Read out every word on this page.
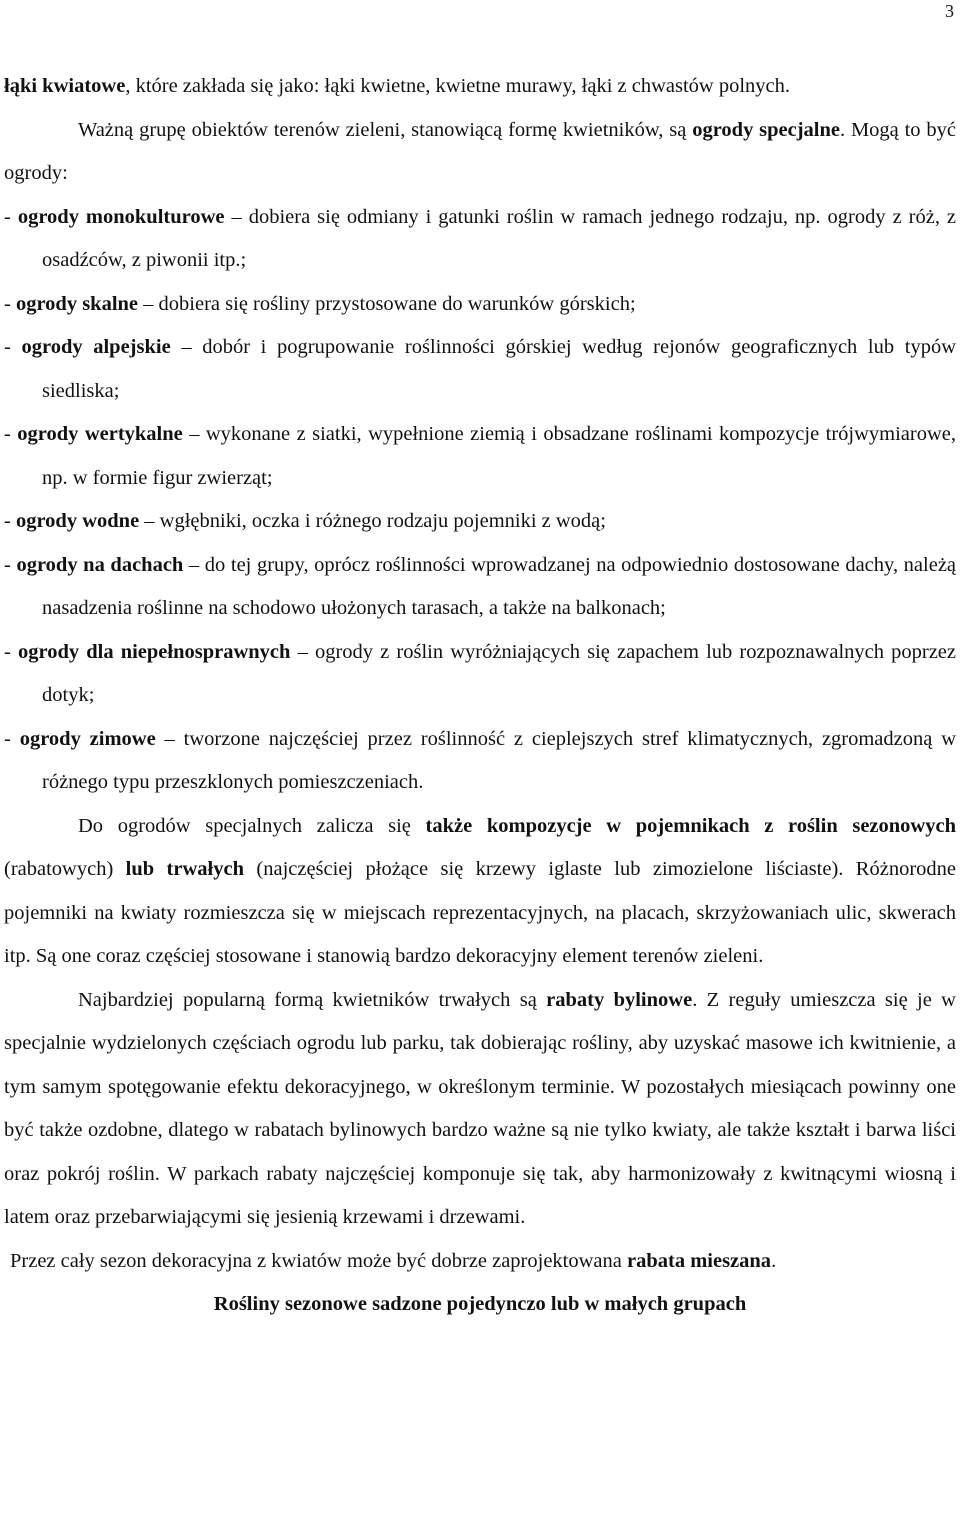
3

łąki kwiatowe, które zakłada się jako: łąki kwietne, kwietne murawy, łąki z chwastów polnych.

Ważną grupę obiektów terenów zieleni, stanowiącą formę kwietników, są ogrody specjalne. Mogą to być ogrody:

- ogrody monokulturowe – dobiera się odmiany i gatunki roślin w ramach jednego rodzaju, np. ogrody z róż, z osadźców, z piwonii itp.;

- ogrody skalne – dobiera się rośliny przystosowane do warunków górskich;

- ogrody alpejskie – dobór i pogrupowanie roślinności górskiej według rejonów geograficznych lub typów siedliska;

- ogrody wertykalne – wykonane z siatki, wypełnione ziemią i obsadzane roślinami kompozycje trójwymiarowe, np. w formie figur zwierząt;

- ogrody wodne – wgłębniki, oczka i różnego rodzaju pojemniki z wodą;

- ogrody na dachach – do tej grupy, oprócz roślinności wprowadzanej na odpowiednio dostosowane dachy, należą nasadzenia roślinne na schodowo ułożonych tarasach, a także na balkonach;

- ogrody dla niepełnosprawnych – ogrody z roślin wyróżniających się zapachem lub rozpoznawalnych poprzez dotyk;

- ogrody zimowe – tworzone najczęściej przez roślinność z cieplejszych stref klimatycznych, zgromadzoną w różnego typu przeszklonych pomieszczeniach.

Do ogrodów specjalnych zalicza się także kompozycje w pojemnikach z roślin sezonowych (rabatowych) lub trwałych (najczęściej płożące się krzewy iglaste lub zimozielone liściaste). Różnorodne pojemniki na kwiaty rozmieszcza się w miejscach reprezentacyjnych, na placach, skrzyżowaniach ulic, skwerach itp. Są one coraz częściej stosowane i stanowią bardzo dekoracyjny element terenów zieleni.

Najbardziej popularną formą kwietników trwałych są rabaty bylinowe. Z reguły umieszcza się je w specjalnie wydzielonych częściach ogrodu lub parku, tak dobierając rośliny, aby uzyskać masowe ich kwitnienie, a tym samym spotęgowanie efektu dekoracyjnego, w określonym terminie. W pozostałych miesiącach powinny one być także ozdobne, dlatego w rabatach bylinowych bardzo ważne są nie tylko kwiaty, ale także kształt i barwa liści oraz pokrój roślin. W parkach rabaty najczęściej komponuje się tak, aby harmonizowały z kwitnącymi wiosną i latem oraz przebarwiającymi się jesienią krzewami i drzewami.

Przez cały sezon dekoracyjna z kwiatów może być dobrze zaprojektowana rabata mieszana.

Rośliny sezonowe sadzone pojedynczo lub w małych grupach
